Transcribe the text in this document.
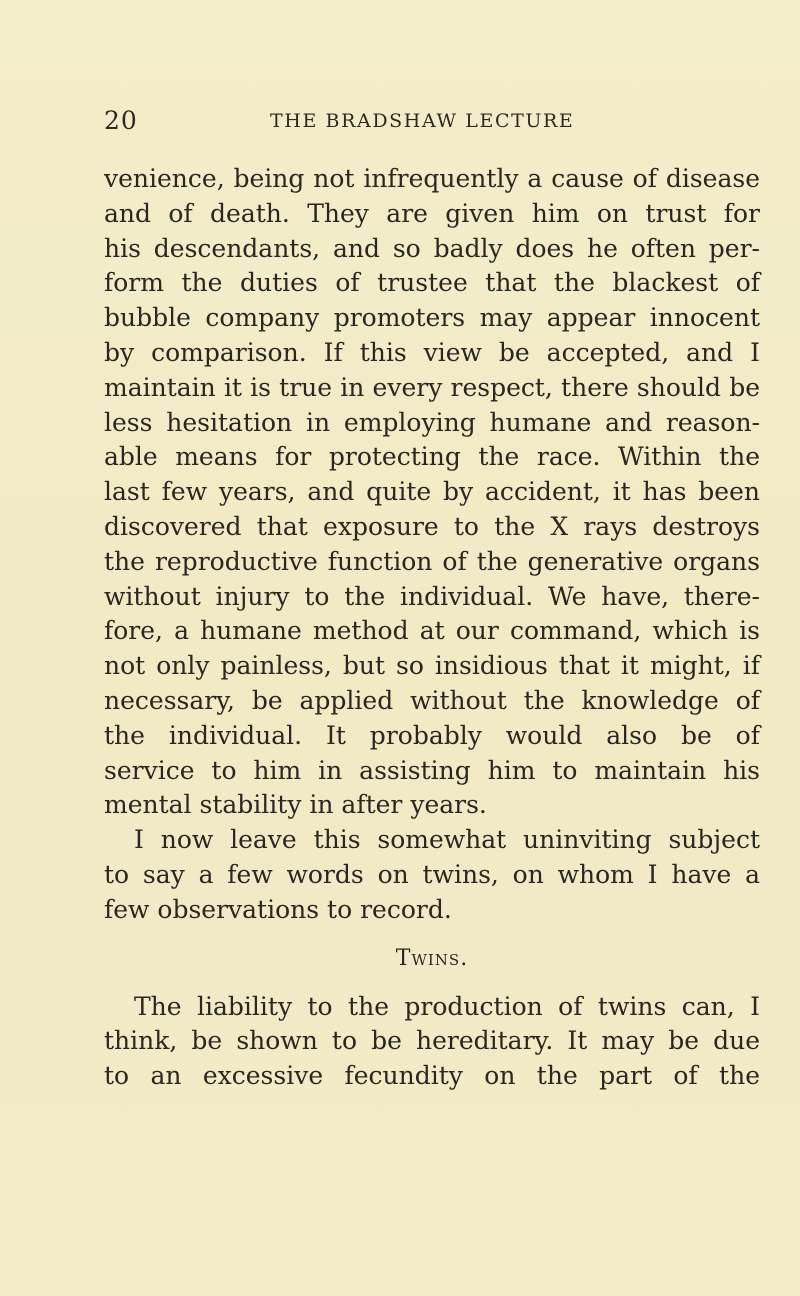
20	THE BRADSHAW LECTURE
venience, being not infrequently a cause of disease
and of death. They are given him on trust for
his descendants, and so badly does he often per-
form the duties of trustee that the blackest of
bubble company promoters may appear innocent
by comparison. If this view be accepted, and I
maintain it is true in every respect, there should be
less hesitation in employing humane and reason-
able means for protecting the race. Within the
last few years, and quite by accident, it has been
discovered that exposure to the X rays destroys
the reproductive function of the generative organs
without injury to the individual. We have, there-
fore, a humane method at our command, which is
not only painless, but so insidious that it might, if
necessary, be applied without the knowledge of
the individual. It probably would also be of
service to him in assisting him to maintain his
mental stability in after years.
I now leave this somewhat uninviting subject
to say a few words on twins, on whom I have a
few observations to record.
Twins.
The liability to the production of twins can, I
think, be shown to be hereditary. It may be due
to an excessive fecundity on the part of the
